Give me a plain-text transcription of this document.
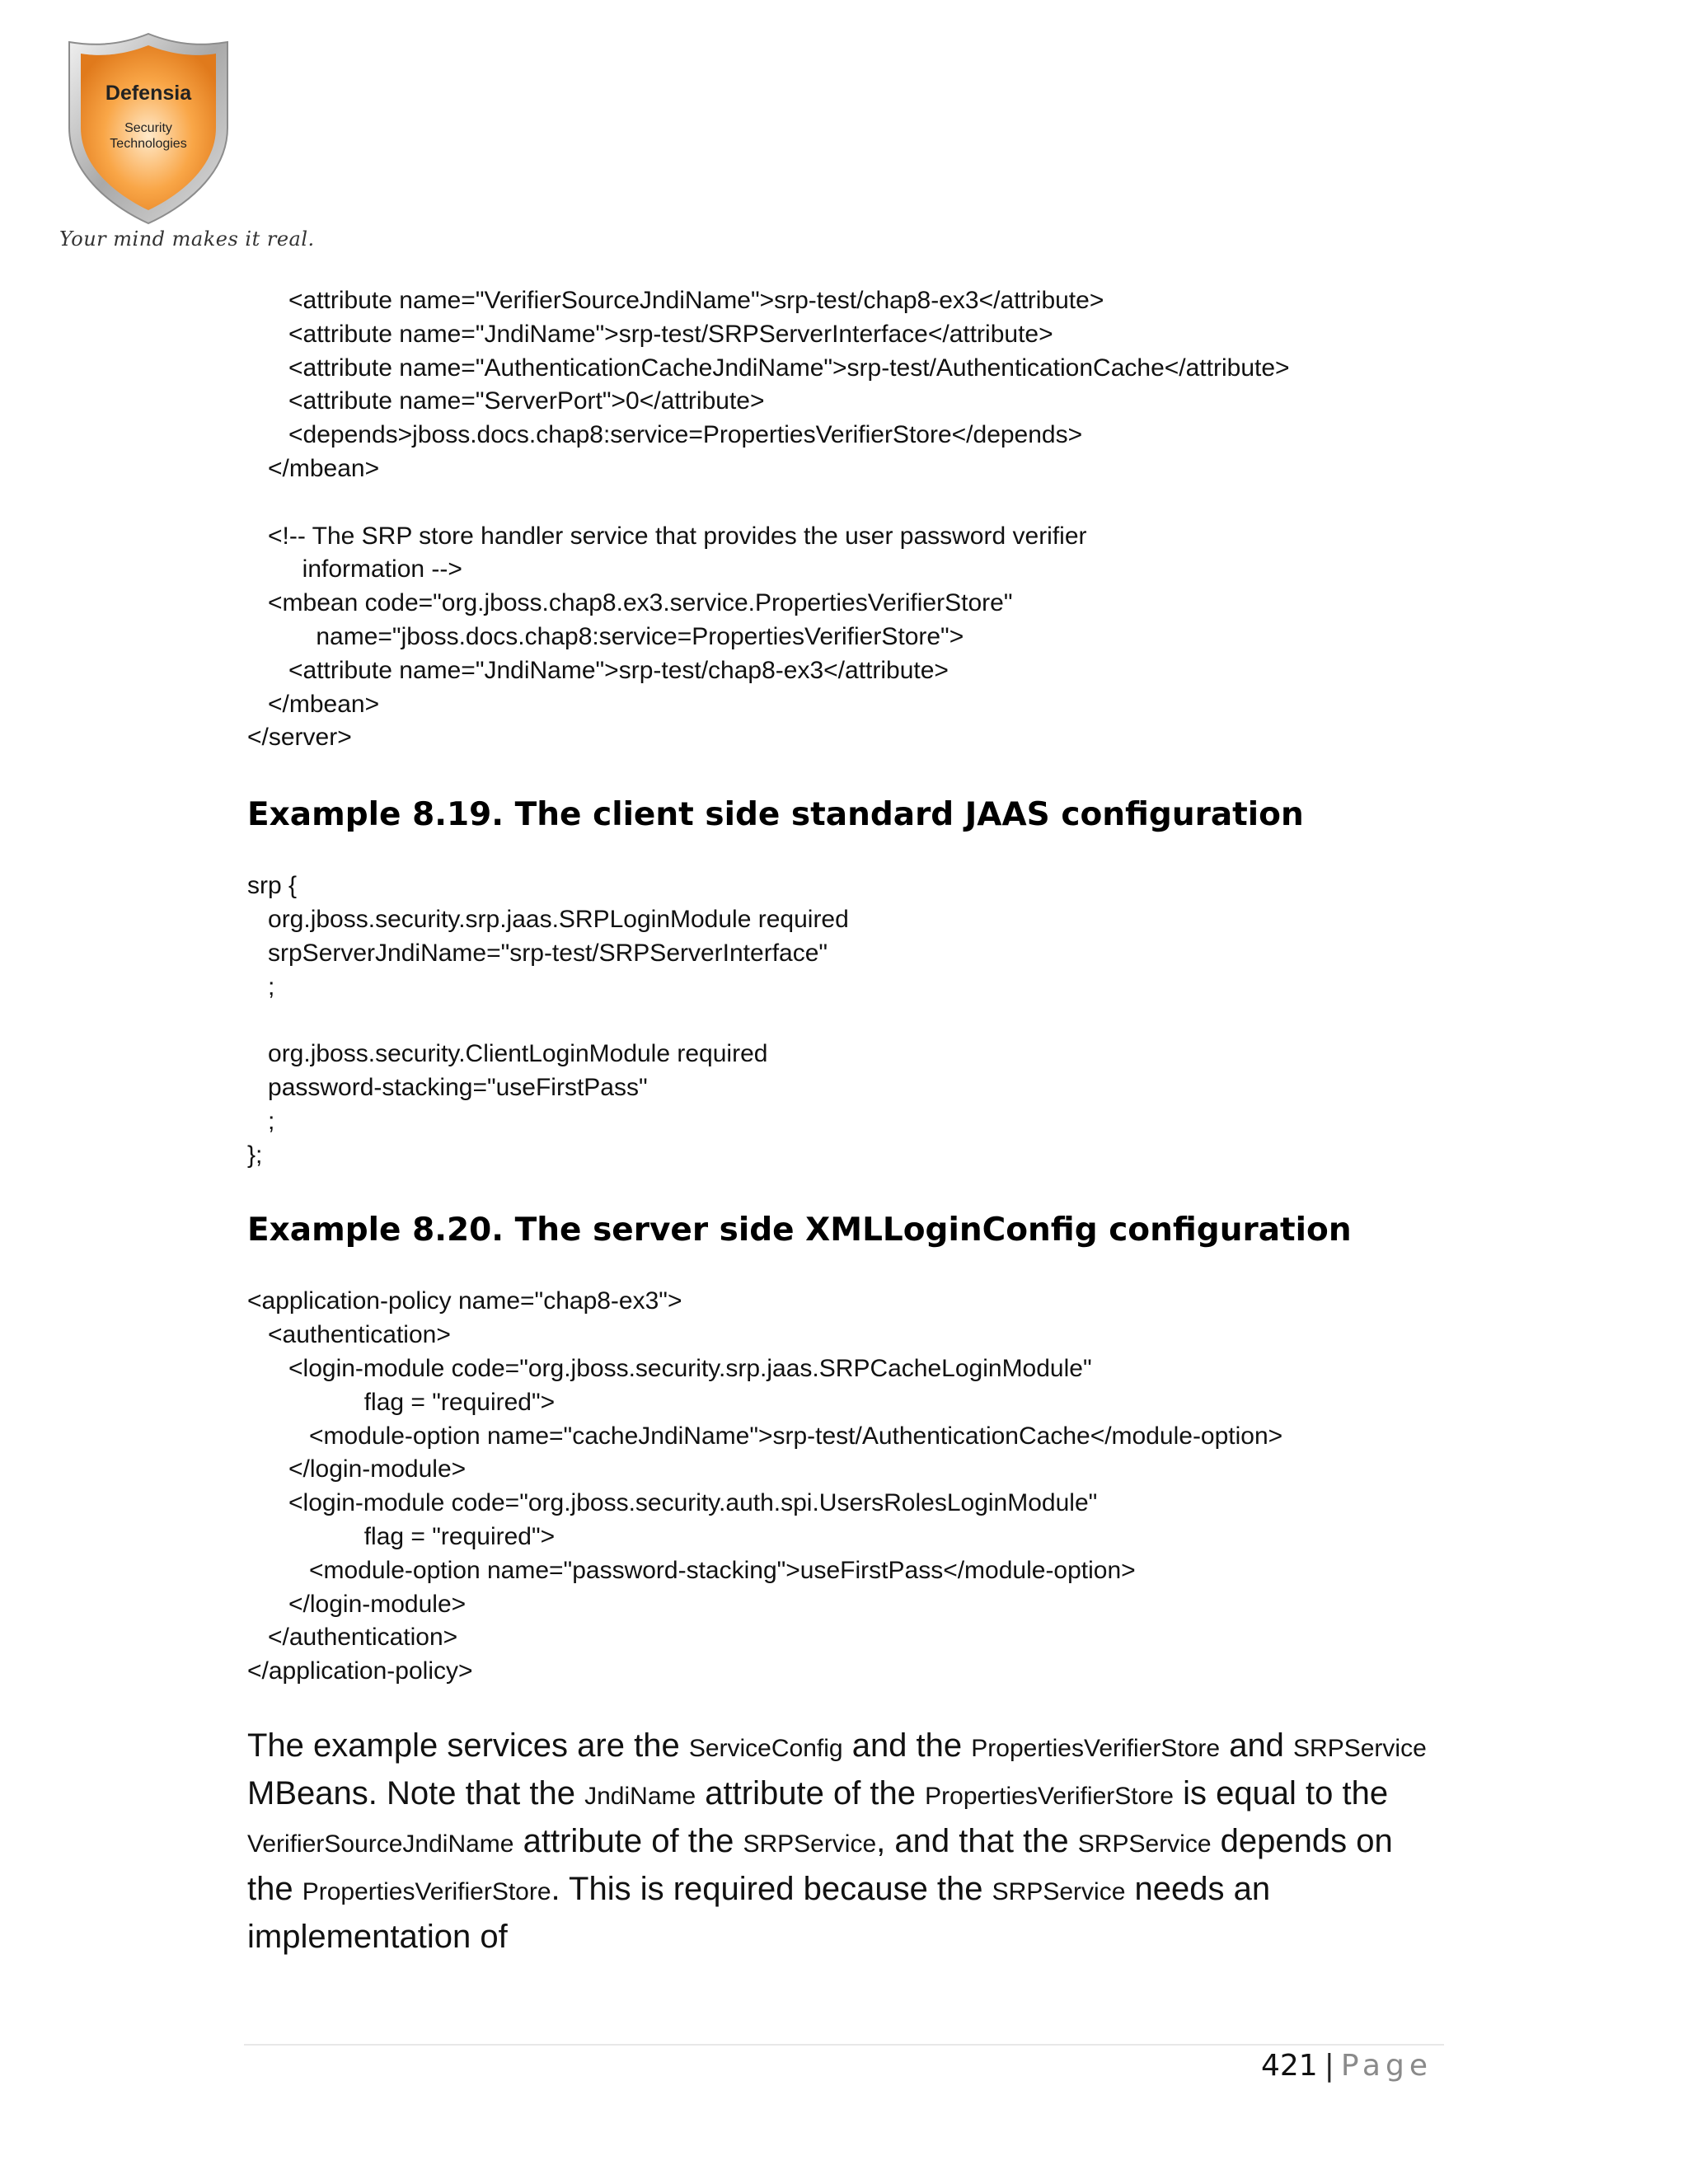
Defensia
Security
Technologies
Your mind makes it real.
<attribute name="VerifierSourceJndiName">srp-test/chap8-ex3</attribute>
<attribute name="JndiName">srp-test/SRPServerInterface</attribute>
<attribute name="AuthenticationCacheJndiName">srp-test/AuthenticationCache</attribute>
<attribute name="ServerPort">0</attribute>
<depends>jboss.docs.chap8:service=PropertiesVerifierStore</depends>
</mbean>
<!-- The SRP store handler service that provides the user password verifier
information -->
<mbean code="org.jboss.chap8.ex3.service.PropertiesVerifierStore"
name="jboss.docs.chap8:service=PropertiesVerifierStore">
<attribute name="JndiName">srp-test/chap8-ex3</attribute>
</mbean>
</server>
Example 8.19. The client side standard JAAS configuration
srp {
org.jboss.security.srp.jaas.SRPLoginModule required
srpServerJndiName="srp-test/SRPServerInterface"
;
org.jboss.security.ClientLoginModule required
password-stacking="useFirstPass"
;
};
Example 8.20. The server side XMLLoginConfig configuration
<application-policy name="chap8-ex3">
<authentication>
<login-module code="org.jboss.security.srp.jaas.SRPCacheLoginModule"
flag = "required">
<module-option name="cacheJndiName">srp-test/AuthenticationCache</module-option>
</login-module>
<login-module code="org.jboss.security.auth.spi.UsersRolesLoginModule"
flag = "required">
<module-option name="password-stacking">useFirstPass</module-option>
</login-module>
</authentication>
</application-policy>
The example services are the ServiceConfig and the PropertiesVerifierStore and SRPService MBeans. Note that the JndiName attribute of the PropertiesVerifierStore is equal to the VerifierSourceJndiName attribute of the SRPService, and that the SRPService depends on the PropertiesVerifierStore. This is required because the SRPService needs an implementation of
421 | Page
